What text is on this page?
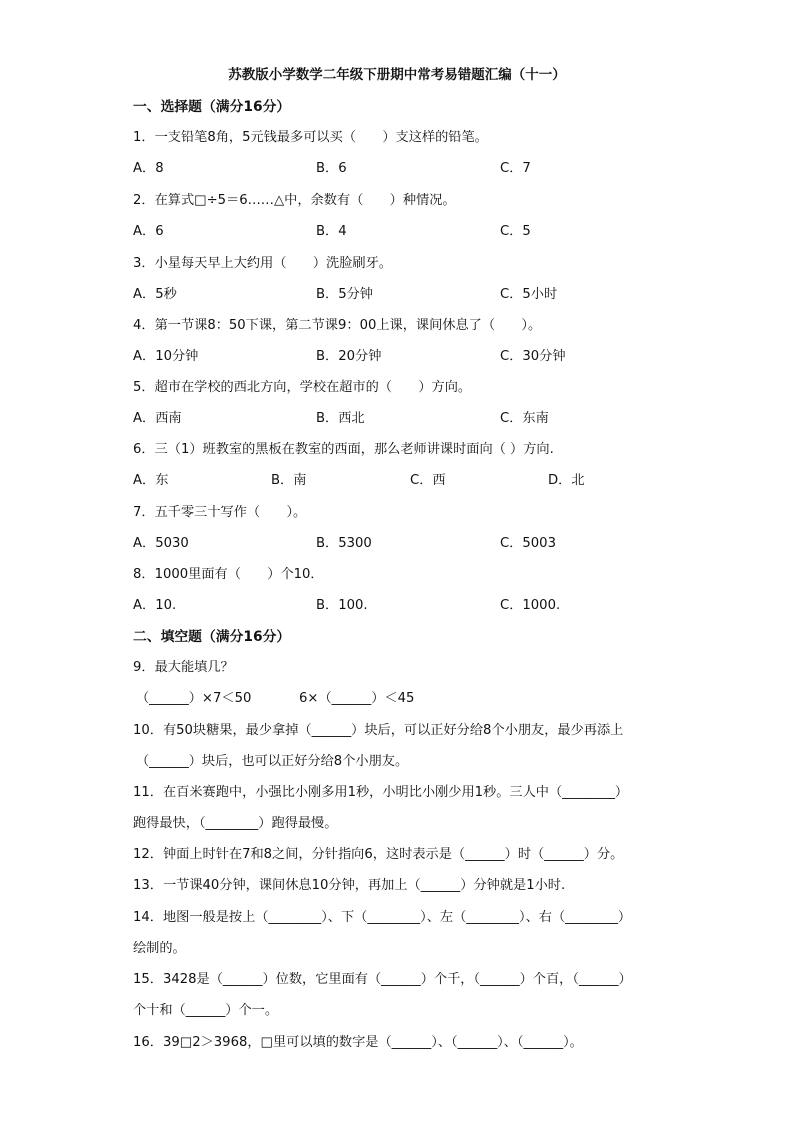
苏教版小学数学二年级下册期中常考易错题汇编（十一）
一、选择题（满分16分）
1．一支铅笔8角，5元钱最多可以买（　　）支这样的铅笔。
A．8	B．6	C．7
2．在算式□÷5＝6……△中，余数有（　　）种情况。
A．6	B．4	C．5
3．小星每天早上大约用（　　）洗脸刷牙。
A．5秒	B．5分钟	C．5小时
4．第一节课8：50下课，第二节课9：00上课，课间休息了（　　）。
A．10分钟	B．20分钟	C．30分钟
5．超市在学校的西北方向，学校在超市的（　　）方向。
A．西南	B．西北	C．东南
6．三（1）班教室的黑板在教室的西面，那么老师讲课时面向（ ）方向.
A．东	B．南	C．西	D．北
7．五千零三十写作（　　）。
A．5030	B．5300	C．5003
8．1000里面有（　　）个10．
A．10.	B．100.	C．1000.
二、填空题（满分16分）
9．最大能填几？
（______）×7＜50	6×（______）＜45
10．有50块糖果，最少拿掉（______）块后，可以正好分给8个小朋友，最少再添上
（______）块后，也可以正好分给8个小朋友。
11．在百米赛跑中，小强比小刚多用1秒，小明比小刚少用1秒。三人中（________）
跑得最快，（________）跑得最慢。
12．钟面上时针在7和8之间，分针指向6，这时表示是（______）时（______）分。
13．一节课40分钟，课间休息10分钟，再加上（______）分钟就是1小时.
14．地图一般是按上（________）、下（________）、左（________）、右（________）
绘制的。
15．3428是（______）位数，它里面有（______）个千，（______）个百，（______）
个十和（______）个一。
16．39□2＞3968，□里可以填的数字是（______）、（______）、（______）。
